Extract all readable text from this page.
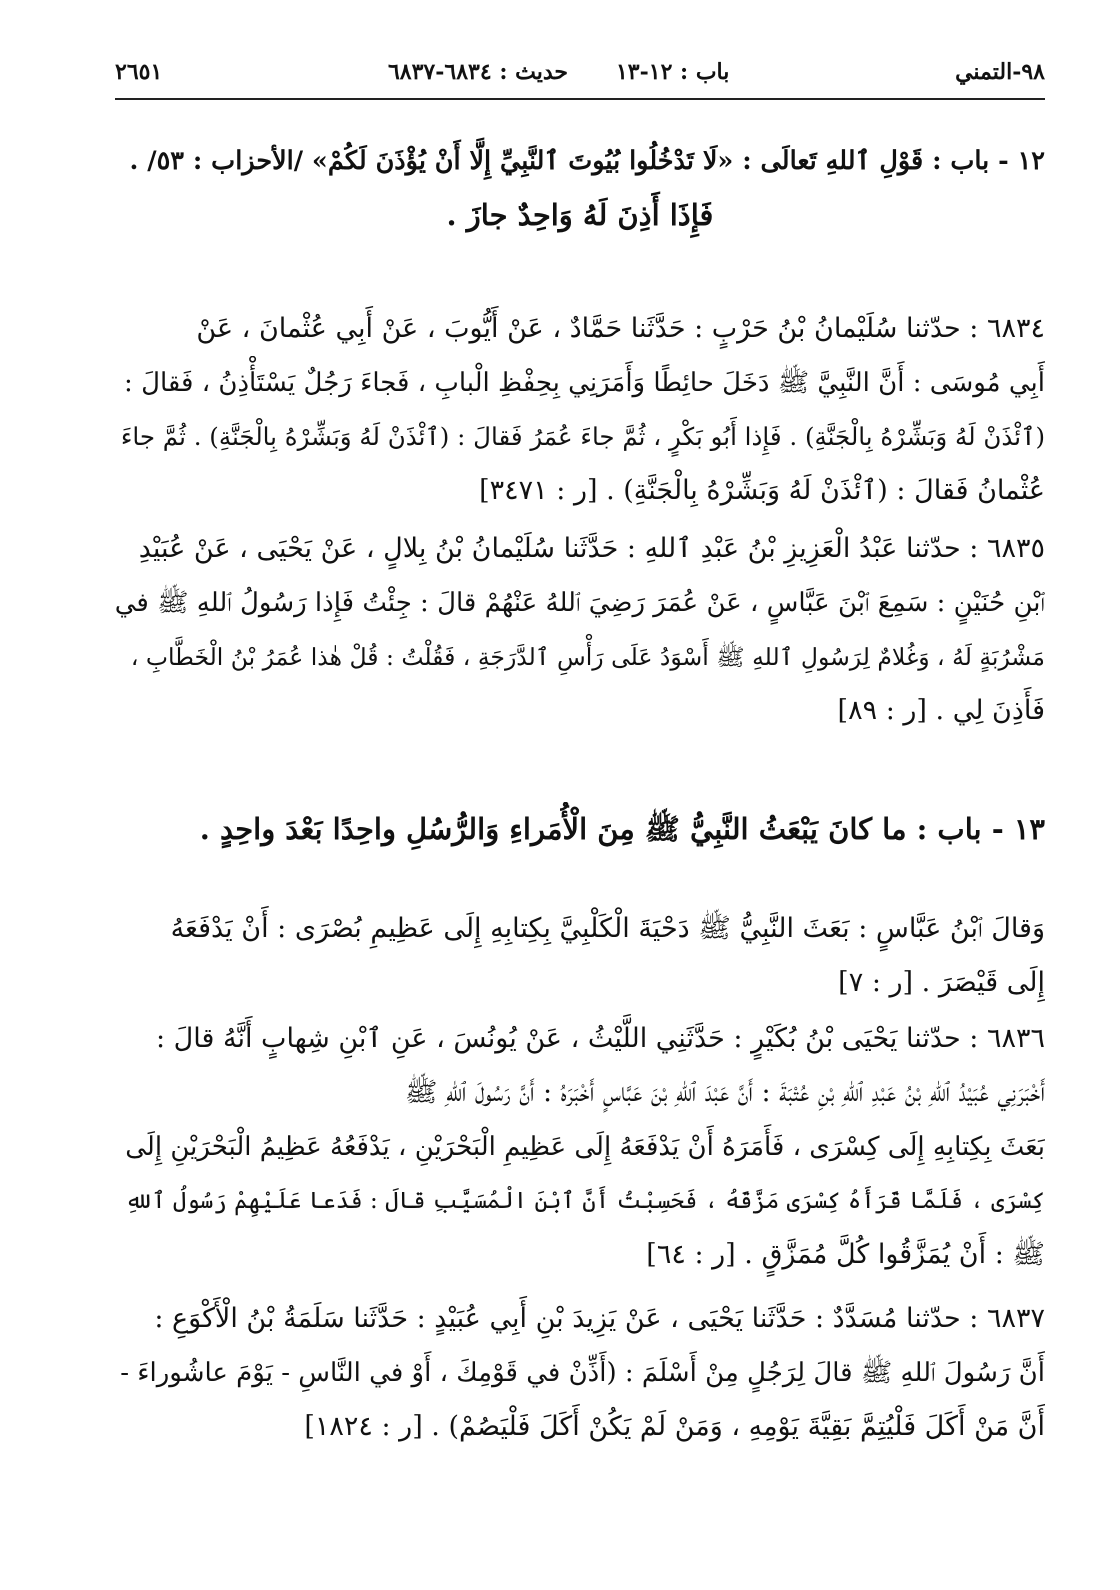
٩٨-التمني
باب : ١٢-١٣
حديث : ٦٨٣٤-٦٨٣٧
٢٦٥١
١٢ - باب : قَوْلِ ٱللهِ تَعالَى : «لَا تَدْخُلُوا بُيُوتَ ٱلنَّبِيِّ إِلَّا أَنْ يُؤْذَنَ لَكُمْ» /الأحزاب : ٥٣/ .
فَإِذَا أَذِنَ لَهُ وَاحِدٌ جازَ .
٦٨٣٤ : حدّثنا سُلَيْمانُ بْنُ حَرْبٍ : حَدَّثَنا حَمَّادٌ ، عَنْ أَيُّوبَ ، عَنْ أَبِي عُثْمانَ ، عَنْ
أَبِي مُوسَى : أَنَّ النَّبِيَّ ﷺ دَخَلَ حائِطًا وَأَمَرَنِي بِحِفْظِ الْبابِ ، فَجاءَ رَجُلٌ يَسْتَأْذِنُ ، فَقالَ :
(ٱئْذَنْ لَهُ وَبَشِّرْهُ بِالْجَنَّةِ) . فَإِذا أَبُو بَكْرٍ ، ثُمَّ جاءَ عُمَرُ فَقالَ : (ٱئْذَنْ لَهُ وَبَشِّرْهُ بِالْجَنَّةِ) . ثُمَّ جاءَ
عُثْمانُ فَقالَ : (ٱئْذَنْ لَهُ وَبَشِّرْهُ بِالْجَنَّةِ) . [ر : ٣٤٧١]
٦٨٣٥ : حدّثنا عَبْدُ الْعَزِيزِ بْنُ عَبْدِ ٱللهِ : حَدَّثَنا سُلَيْمانُ بْنُ بِلالٍ ، عَنْ يَحْيَى ، عَنْ عُبَيْدِ
ٱبْنِ حُنَيْنٍ : سَمِعَ ٱبْنَ عَبَّاسٍ ، عَنْ عُمَرَ رَضِيَ ٱللهُ عَنْهُمْ قالَ : جِئْتُ فَإِذا رَسُولُ ٱللهِ ﷺ في
مَشْرُبَةٍ لَهُ ، وَغُلامٌ لِرَسُولِ ٱللهِ ﷺ أَسْوَدُ عَلَى رَأْسِ ٱلدَّرَجَةِ ، فَقُلْتُ : قُلْ هٰذا عُمَرُ بْنُ الْخَطَّابِ ،
فَأَذِنَ لِي . [ر : ٨٩]
١٣ - باب : ما كانَ يَبْعَثُ النَّبِيُّ ﷺ مِنَ الْأُمَراءِ وَالرُّسُلِ واحِدًا بَعْدَ واحِدٍ .
وَقالَ ٱبْنُ عَبَّاسٍ : بَعَثَ النَّبِيُّ ﷺ دَحْيَةَ الْكَلْبِيَّ بِكِتابِهِ إِلَى عَظِيمِ بُصْرَى : أَنْ يَدْفَعَهُ
إِلَى قَيْصَرَ . [ر : ٧]
٦٨٣٦ : حدّثنا يَحْيَى بْنُ بُكَيْرٍ : حَدَّثَنِي اللَّيْثُ ، عَنْ يُونُسَ ، عَنِ ٱبْنِ شِهابٍ أَنَّهُ قالَ :
أَخْبَرَنِي عُبَيْدُ ٱللهِ بْنُ عَبْدِ ٱللهِ بْنِ عُتْبَةَ : أَنَّ عَبْدَ ٱللهِ بْنَ عَبَّاسٍ أَخْبَرَهُ : أَنَّ رَسُولَ ٱللهِ ﷺ
بَعَثَ بِكِتابِهِ إِلَى كِسْرَى ، فَأَمَرَهُ أَنْ يَدْفَعَهُ إِلَى عَظِيمِ الْبَحْرَيْنِ ، يَدْفَعُهُ عَظِيمُ الْبَحْرَيْنِ إِلَى
كِسْرَى ، فَلَمَّا قَرَأَهُ كِسْرَى مَزَّقَهُ ، فَحَسِبْتُ أَنَّ ٱبْنَ الْمُسَيَّبِ قالَ : فَدَعا عَلَيْهِمْ رَسُولُ ٱللهِ
ﷺ : أَنْ يُمَزَّقُوا كُلَّ مُمَزَّقٍ . [ر : ٦٤]
٦٨٣٧ : حدّثنا مُسَدَّدٌ : حَدَّثَنا يَحْيَى ، عَنْ يَزِيدَ بْنِ أَبِي عُبَيْدٍ : حَدَّثَنا سَلَمَةُ بْنُ الْأَكْوَعِ :
أَنَّ رَسُولَ ٱللهِ ﷺ قالَ لِرَجُلٍ مِنْ أَسْلَمَ : (أَذِّنْ في قَوْمِكَ ، أَوْ في النَّاسِ - يَوْمَ عاشُوراءَ -
أَنَّ مَنْ أَكَلَ فَلْيُتِمَّ بَقِيَّةَ يَوْمِهِ ، وَمَنْ لَمْ يَكُنْ أَكَلَ فَلْيَصُمْ) . [ر : ١٨٢٤]
